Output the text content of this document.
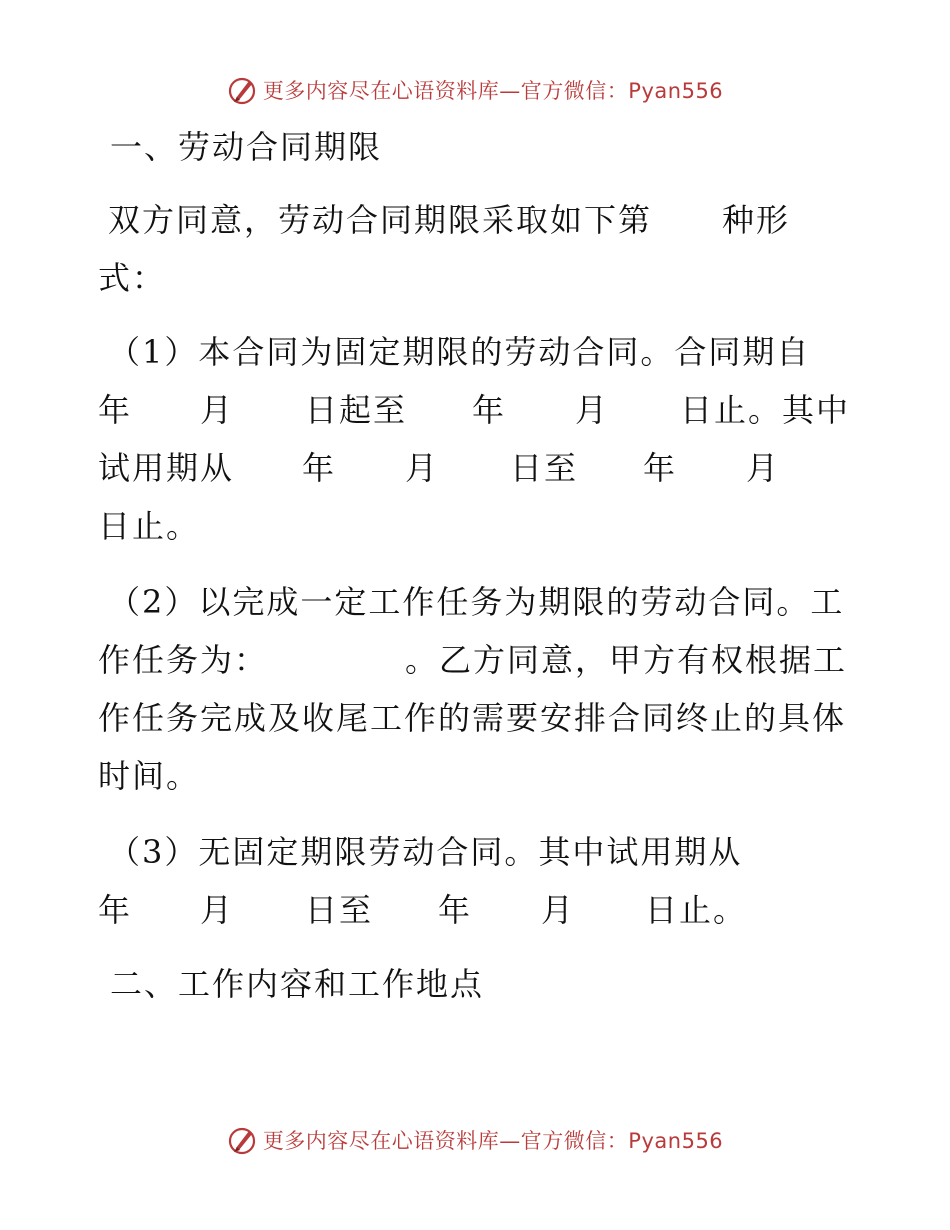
更多内容尽在心语资料库—官方微信：Pyan556
一、劳动合同期限
双方同意，劳动合同期限采取如下第 种形
式：
（1）本合同为固定期限的劳动合同。合同期自
年 月 日起至 年 月 日止。其中
试用期从 年 月 日至 年 月
日止。
（2）以完成一定工作任务为期限的劳动合同。工
作任务为：	。乙方同意，甲方有权根据工
作任务完成及收尾工作的需要安排合同终止的具体
时间。
（3）无固定期限劳动合同。其中试用期从
年 月 日至 年 月 日止。
二、工作内容和工作地点
更多内容尽在心语资料库—官方微信：Pyan556
